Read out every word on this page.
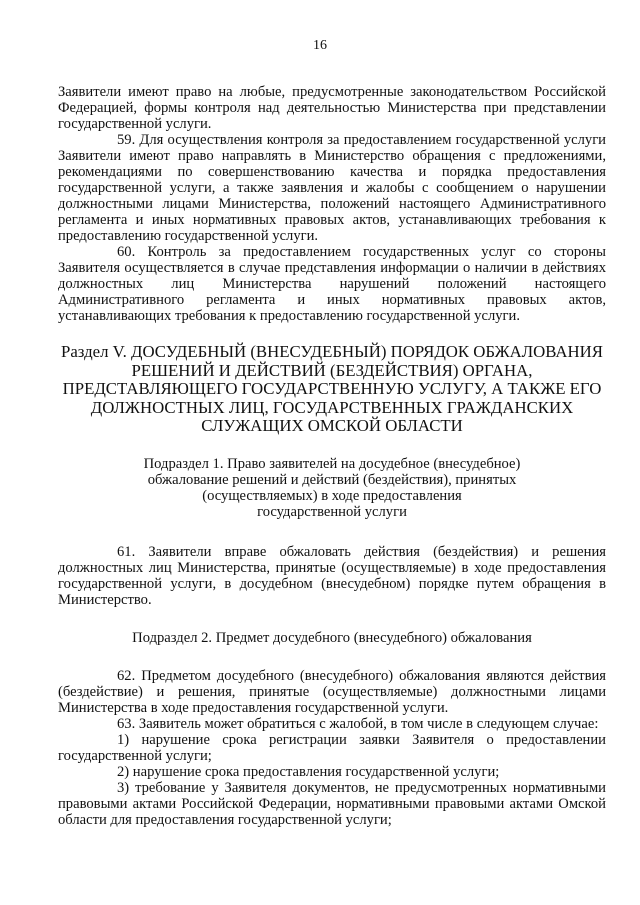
16

Заявители имеют право на любые, предусмотренные законодательством Российской Федерацией, формы контроля над деятельностью Министерства при представлении государственной услуги.

59. Для осуществления контроля за предоставлением государственной услуги Заявители имеют право направлять в Министерство обращения с предложениями, рекомендациями по совершенствованию качества и порядка предоставления государственной услуги, а также заявления и жалобы с сообщением о нарушении должностными лицами Министерства, положений настоящего Административного регламента и иных нормативных правовых актов, устанавливающих требования к предоставлению государственной услуги.

60. Контроль за предоставлением государственных услуг со стороны Заявителя осуществляется в случае представления информации о наличии в действиях должностных лиц Министерства нарушений положений настоящего Административного регламента и иных нормативных правовых актов, устанавливающих требования к предоставлению государственной услуги.

Раздел V. ДОСУДЕБНЫЙ (ВНЕСУДЕБНЫЙ) ПОРЯДОК ОБЖАЛОВАНИЯ РЕШЕНИЙ И ДЕЙСТВИЙ (БЕЗДЕЙСТВИЯ) ОРГАНА, ПРЕДСТАВЛЯЮЩЕГО ГОСУДАРСТВЕННУЮ УСЛУГУ, А ТАКЖЕ ЕГО ДОЛЖНОСТНЫХ ЛИЦ, ГОСУДАРСТВЕННЫХ ГРАЖДАНСКИХ СЛУЖАЩИХ ОМСКОЙ ОБЛАСТИ

Подраздел 1. Право заявителей на досудебное (внесудебное)
обжалование решений и действий (бездействия), принятых
(осуществляемых) в ходе предоставления
государственной услуги

61. Заявители вправе обжаловать действия (бездействия) и решения должностных лиц Министерства, принятые (осуществляемые) в ходе предоставления государственной услуги, в досудебном (внесудебном) порядке путем обращения в Министерство.

Подраздел 2. Предмет досудебного (внесудебного) обжалования

62. Предметом досудебного (внесудебного) обжалования являются действия (бездействие) и решения, принятые (осуществляемые) должностными лицами Министерства в ходе предоставления государственной услуги.

63. Заявитель может обратиться с жалобой, в том числе в следующем случае:

1) нарушение срока регистрации заявки Заявителя о предоставлении государственной услуги;

2) нарушение срока предоставления государственной услуги;

3) требование у Заявителя документов, не предусмотренных нормативными правовыми актами Российской Федерации, нормативными правовыми актами Омской области для предоставления государственной услуги;
